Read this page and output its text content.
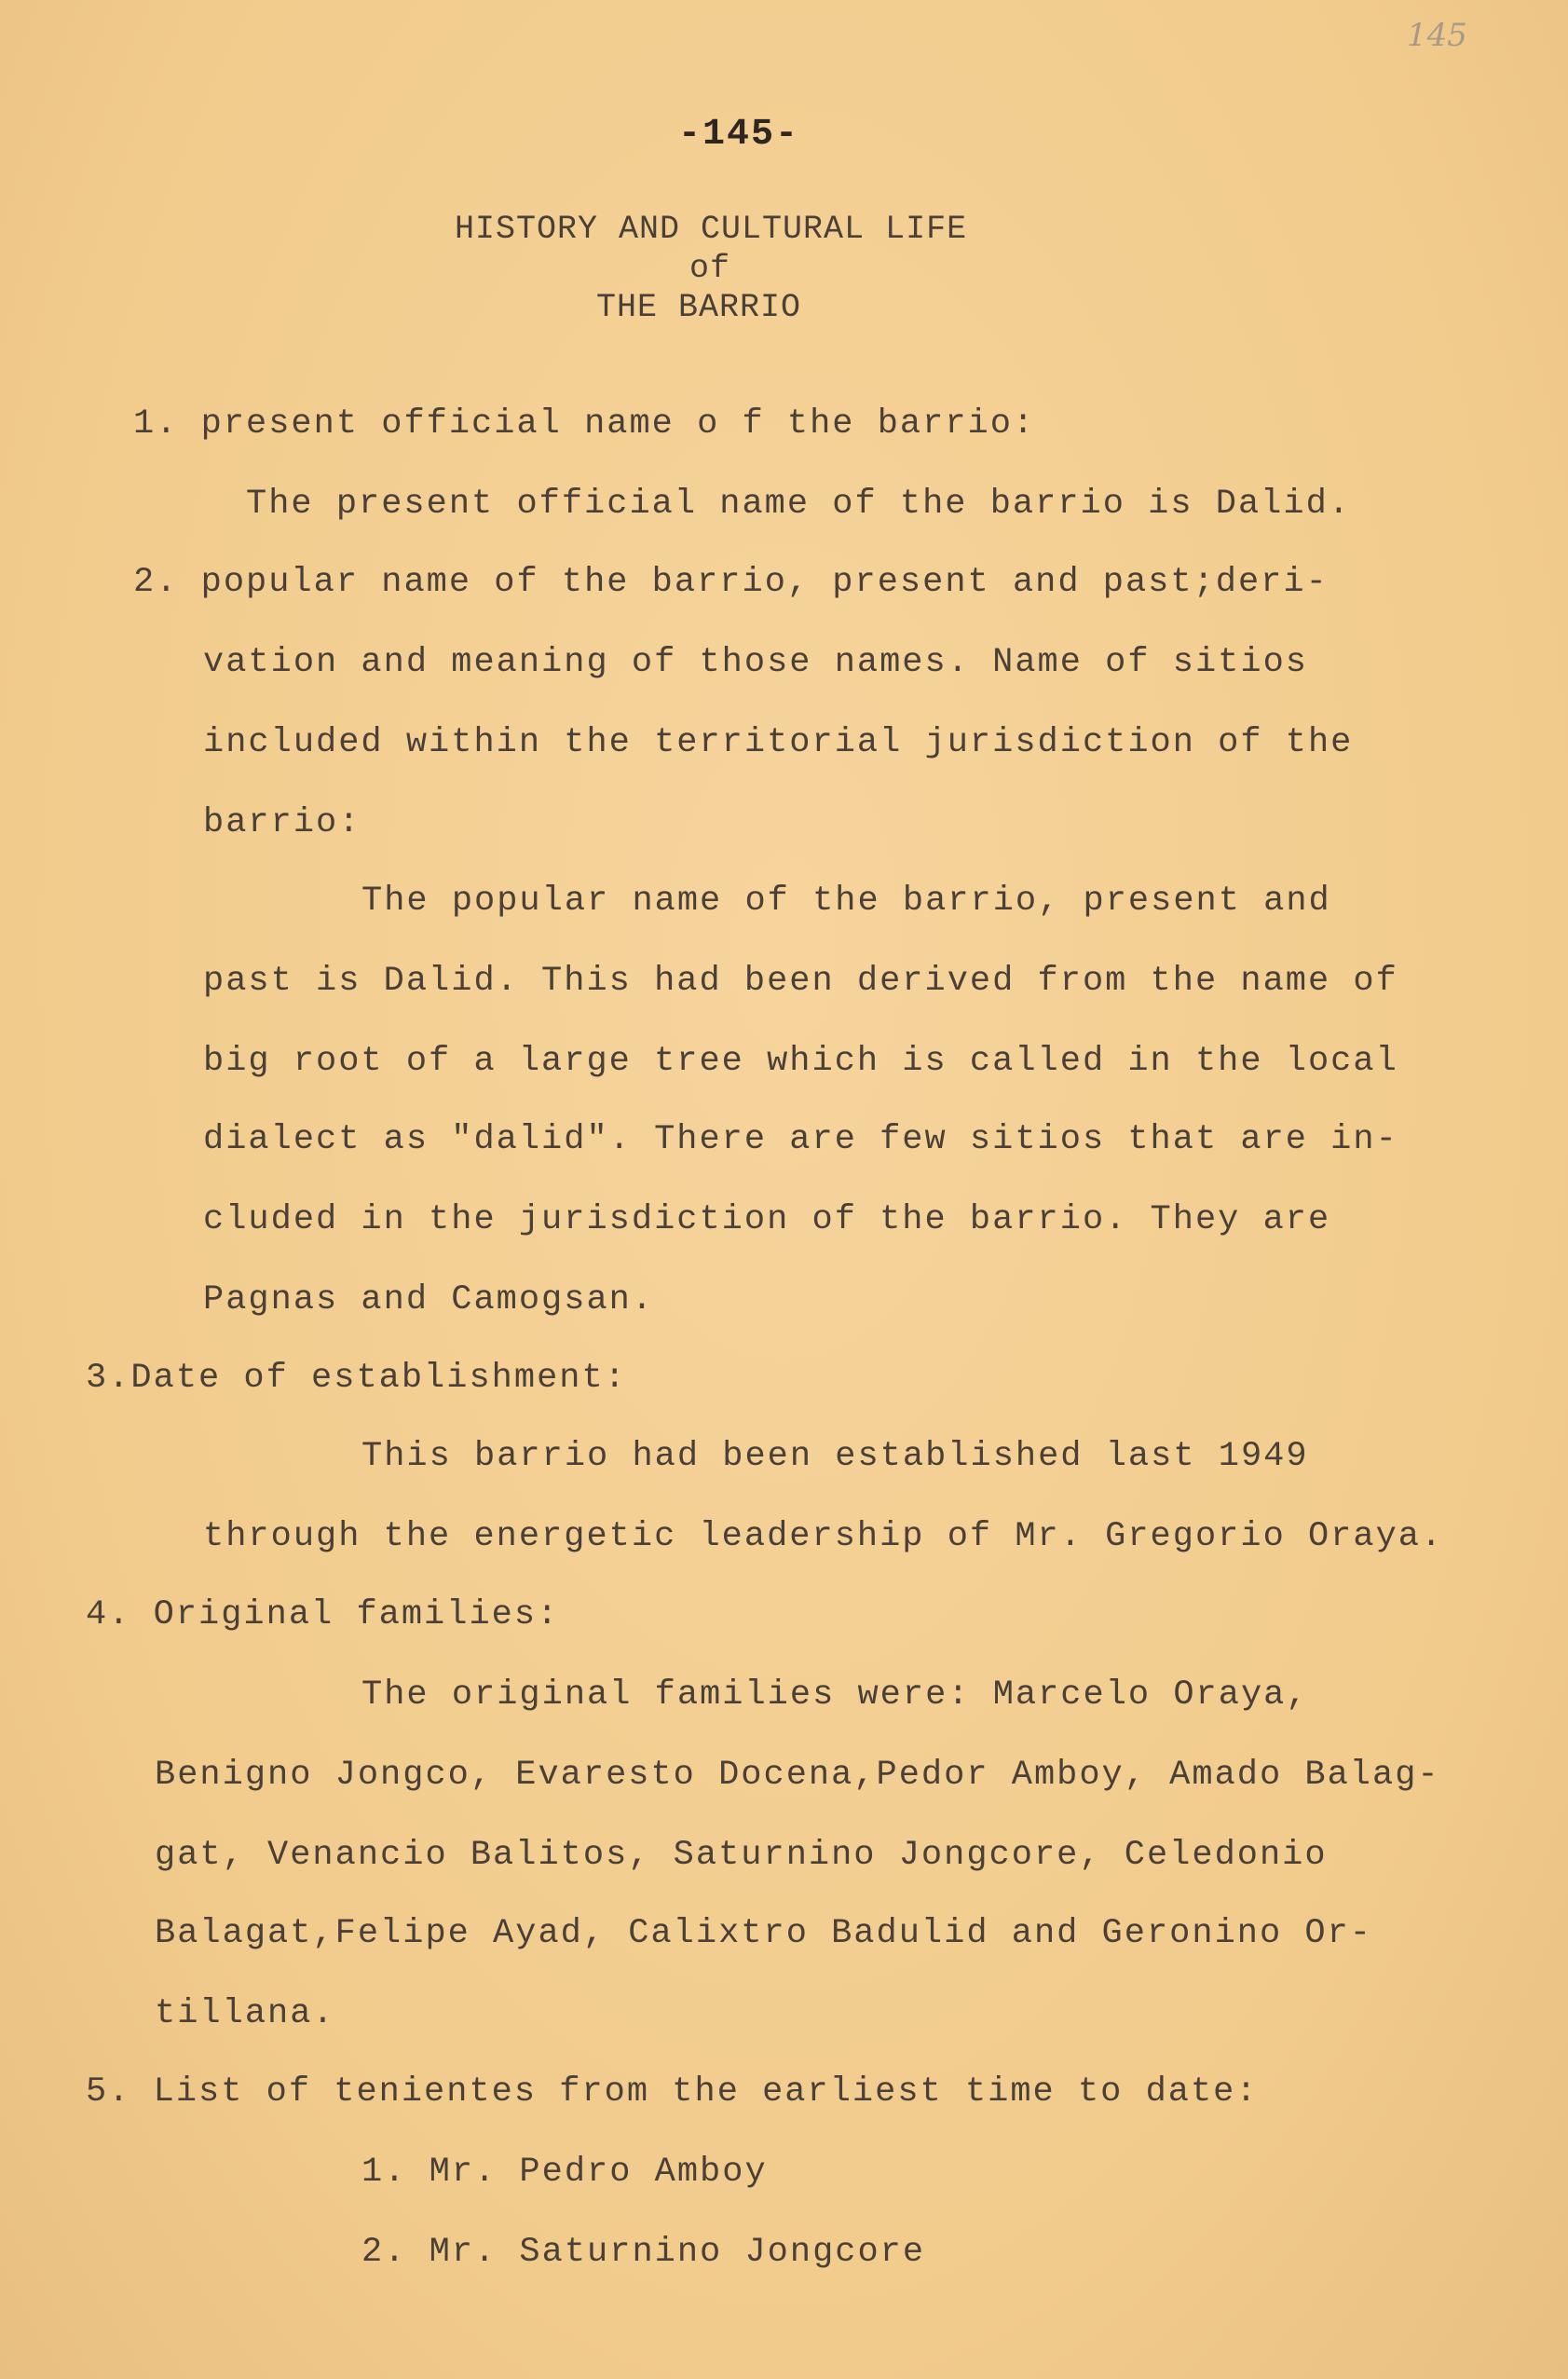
145
-145-
HISTORY AND CULTURAL LIFE
of
THE BARRIO
1. present official name o f the barrio:
The present official name of the barrio is Dalid.
2. popular name of the barrio, present and past;deri-
vation and meaning of those names. Name of sitios
included within the territorial jurisdiction of the
barrio:
The popular name of the barrio, present and
past is Dalid. This had been derived from the name of
big root of a large tree which is called in the local
dialect as "dalid". There are few sitios that are in-
cluded in the jurisdiction of the barrio. They are
Pagnas and Camogsan.
3.Date of establishment:
This barrio had been established last 1949
through the energetic leadership of Mr. Gregorio Oraya.
4. Original families:
The original families were: Marcelo Oraya,
Benigno Jongco, Evaresto Docena,Pedor Amboy, Amado Balag-
gat, Venancio Balitos, Saturnino Jongcore, Celedonio
Balagat,Felipe Ayad, Calixtro Badulid and Geronino Or-
tillana.
5. List of tenientes from the earliest time to date:
1. Mr. Pedro Amboy
2. Mr. Saturnino Jongcore
